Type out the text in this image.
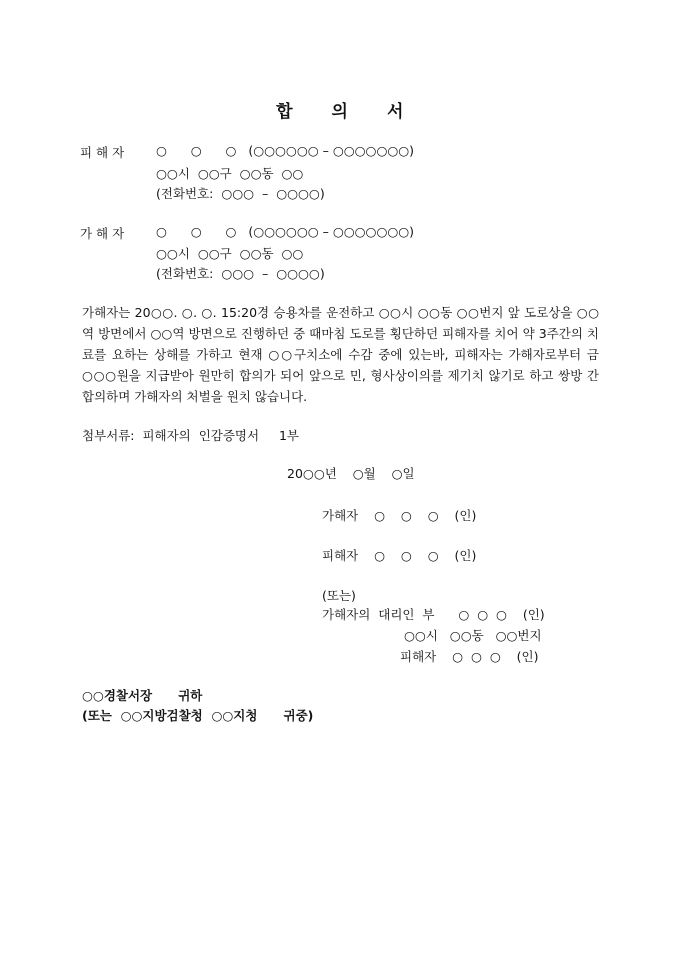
합      의      서
피 해 자	○      ○      ○   (○○○○○○ – ○○○○○○○)
○○시  ○○구  ○○동  ○○
(전화번호:  ○○○  –  ○○○○)
가 해 자	○      ○      ○   (○○○○○○ – ○○○○○○○)
○○시  ○○구  ○○동  ○○
(전화번호:  ○○○  –  ○○○○)
가해자는 20○○. ○. ○. 15:20경 승용차를 운전하고 ○○시 ○○동 ○○번지 앞 도로상을 ○○역 방면에서 ○○역 방면으로 진행하던 중 때마침 도로를 횡단하던 피해자를 치어 약 3주간의 치료를 요하는 상해를 가하고 현재 ○○구치소에 수감 중에 있는바, 피해자는 가해자로부터 금 ○○○원을 지급받아 원만히 합의가 되어 앞으로 민, 형사상이의를 제기치 않기로 하고 쌍방 간 합의하며 가해자의 처벌을 원치 않습니다.
첨부서류:  피해자의  인감증명서     1부
20○○년    ○월    ○일
가해자    ○    ○    ○    (인)
피해자    ○    ○    ○    (인)
(또는)
가해자의  대리인  부      ○  ○  ○    (인)
○○시   ○○동   ○○번지
피해자    ○  ○  ○    (인)
○○경찰서장      귀하
(또는  ○○지방검찰청  ○○지청      귀중)
